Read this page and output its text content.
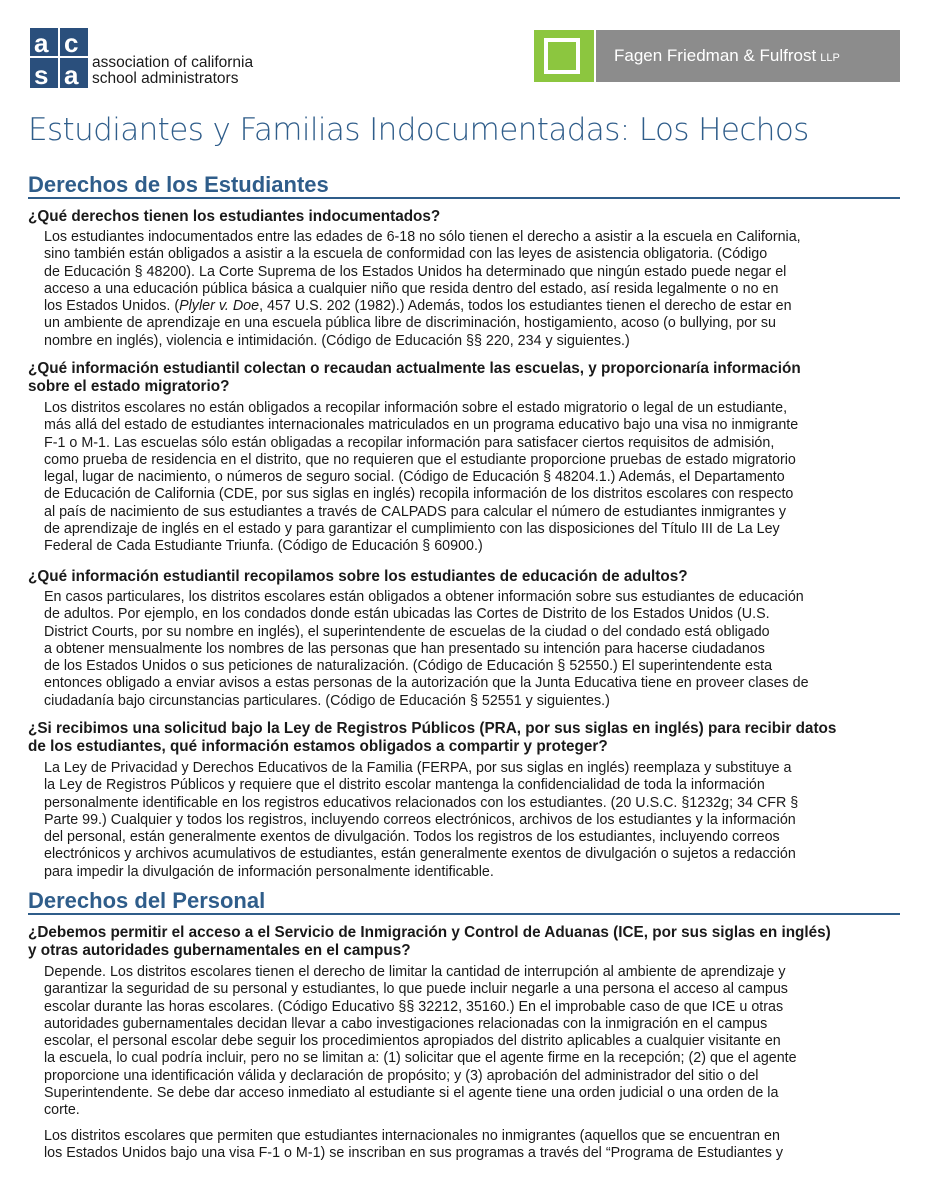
a c
s a association of california
school administrators
Fagen Friedman & Fulfrost LLP
Estudiantes y Familias Indocumentadas: Los Hechos
Derechos de los Estudiantes
¿Qué derechos tienen los estudiantes indocumentados?
Los estudiantes indocumentados entre las edades de 6-18 no sólo tienen el derecho a asistir a la escuela en California,
sino también están obligados a asistir a la escuela de conformidad con las leyes de asistencia obligatoria. (Código
de Educación § 48200). La Corte Suprema de los Estados Unidos ha determinado que ningún estado puede negar el
acceso a una educación pública básica a cualquier niño que resida dentro del estado, así resida legalmente o no en
los Estados Unidos. (Plyler v. Doe, 457 U.S. 202 (1982).) Además, todos los estudiantes tienen el derecho de estar en
un ambiente de aprendizaje en una escuela pública libre de discriminación, hostigamiento, acoso (o bullying, por su
nombre en inglés), violencia e intimidación. (Código de Educación §§ 220, 234 y siguientes.)
¿Qué información estudiantil colectan o recaudan actualmente las escuelas, y proporcionaría información
sobre el estado migratorio?
Los distritos escolares no están obligados a recopilar información sobre el estado migratorio o legal de un estudiante,
más allá del estado de estudiantes internacionales matriculados en un programa educativo bajo una visa no inmigrante
F-1 o M-1. Las escuelas sólo están obligadas a recopilar información para satisfacer ciertos requisitos de admisión,
como prueba de residencia en el distrito, que no requieren que el estudiante proporcione pruebas de estado migratorio
legal, lugar de nacimiento, o números de seguro social. (Código de Educación § 48204.1.) Además, el Departamento
de Educación de California (CDE, por sus siglas en inglés) recopila información de los distritos escolares con respecto
al país de nacimiento de sus estudiantes a través de CALPADS para calcular el número de estudiantes inmigrantes y
de aprendizaje de inglés en el estado y para garantizar el cumplimiento con las disposiciones del Título III de La Ley
Federal de Cada Estudiante Triunfa. (Código de Educación § 60900.)
¿Qué información estudiantil recopilamos sobre los estudiantes de educación de adultos?
En casos particulares, los distritos escolares están obligados a obtener información sobre sus estudiantes de educación
de adultos. Por ejemplo, en los condados donde están ubicadas las Cortes de Distrito de los Estados Unidos (U.S.
District Courts, por su nombre en inglés), el superintendente de escuelas de la ciudad o del condado está obligado
a obtener mensualmente los nombres de las personas que han presentado su intención para hacerse ciudadanos
de los Estados Unidos o sus peticiones de naturalización. (Código de Educación § 52550.) El superintendente esta
entonces obligado a enviar avisos a estas personas de la autorización que la Junta Educativa tiene en proveer clases de
ciudadanía bajo circunstancias particulares. (Código de Educación § 52551 y siguientes.)
¿Si recibimos una solicitud bajo la Ley de Registros Públicos (PRA, por sus siglas en inglés) para recibir datos
de los estudiantes, qué información estamos obligados a compartir y proteger?
La Ley de Privacidad y Derechos Educativos de la Familia (FERPA, por sus siglas en inglés) reemplaza y substituye a
la Ley de Registros Públicos y requiere que el distrito escolar mantenga la confidencialidad de toda la información
personalmente identificable en los registros educativos relacionados con los estudiantes. (20 U.S.C. §1232g; 34 CFR §
Parte 99.) Cualquier y todos los registros, incluyendo correos electrónicos, archivos de los estudiantes y la información
del personal, están generalmente exentos de divulgación. Todos los registros de los estudiantes, incluyendo correos
electrónicos y archivos acumulativos de estudiantes, están generalmente exentos de divulgación o sujetos a redacción
para impedir la divulgación de información personalmente identificable.
Derechos del Personal
¿Debemos permitir el acceso a el Servicio de Inmigración y Control de Aduanas (ICE, por sus siglas en inglés)
y otras autoridades gubernamentales en el campus?
Depende. Los distritos escolares tienen el derecho de limitar la cantidad de interrupción al ambiente de aprendizaje y
garantizar la seguridad de su personal y estudiantes, lo que puede incluir negarle a una persona el acceso al campus
escolar durante las horas escolares. (Código Educativo §§ 32212, 35160.) En el improbable caso de que ICE u otras
autoridades gubernamentales decidan llevar a cabo investigaciones relacionadas con la inmigración en el campus
escolar, el personal escolar debe seguir los procedimientos apropiados del distrito aplicables a cualquier visitante en
la escuela, lo cual podría incluir, pero no se limitan a: (1) solicitar que el agente firme en la recepción; (2) que el agente
proporcione una identificación válida y declaración de propósito; y (3) aprobación del administrador del sitio o del
Superintendente. Se debe dar acceso inmediato al estudiante si el agente tiene una orden judicial o una orden de la
corte.
Los distritos escolares que permiten que estudiantes internacionales no inmigrantes (aquellos que se encuentran en
los Estados Unidos bajo una visa F-1 o M-1) se inscriban en sus programas a través del “Programa de Estudiantes y
